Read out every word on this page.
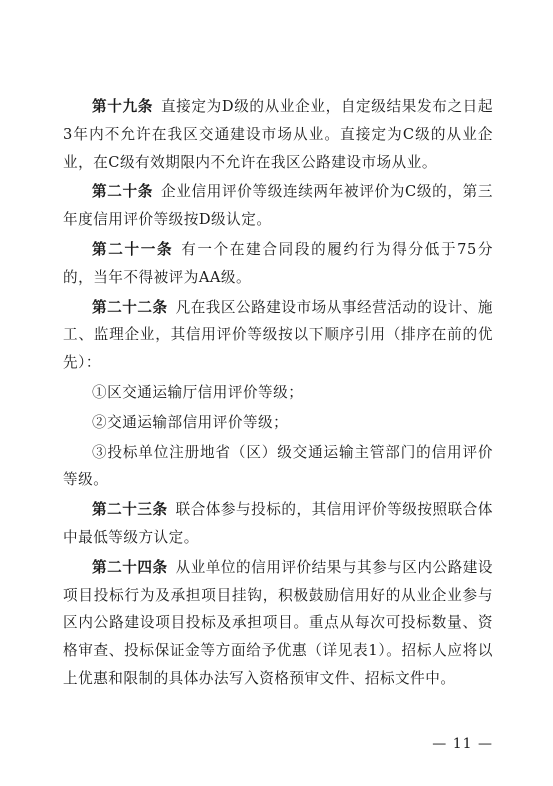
第十九条 直接定为D级的从业企业，自定级结果发布之日起3年内不允许在我区交通建设市场从业。直接定为C级的从业企业，在C级有效期限内不允许在我区公路建设市场从业。

第二十条 企业信用评价等级连续两年被评价为C级的，第三年度信用评价等级按D级认定。

第二十一条 有一个在建合同段的履约行为得分低于75分的，当年不得被评为AA级。

第二十二条 凡在我区公路建设市场从事经营活动的设计、施工、监理企业，其信用评价等级按以下顺序引用（排序在前的优先）：

①区交通运输厅信用评价等级；

②交通运输部信用评价等级；

③投标单位注册地省（区）级交通运输主管部门的信用评价等级。

第二十三条 联合体参与投标的，其信用评价等级按照联合体中最低等级方认定。

第二十四条 从业单位的信用评价结果与其参与区内公路建设项目投标行为及承担项目挂钩，积极鼓励信用好的从业企业参与区内公路建设项目投标及承担项目。重点从每次可投标数量、资格审查、投标保证金等方面给予优惠（详见表1）。招标人应将以上优惠和限制的具体办法写入资格预审文件、招标文件中。

— 11 —
